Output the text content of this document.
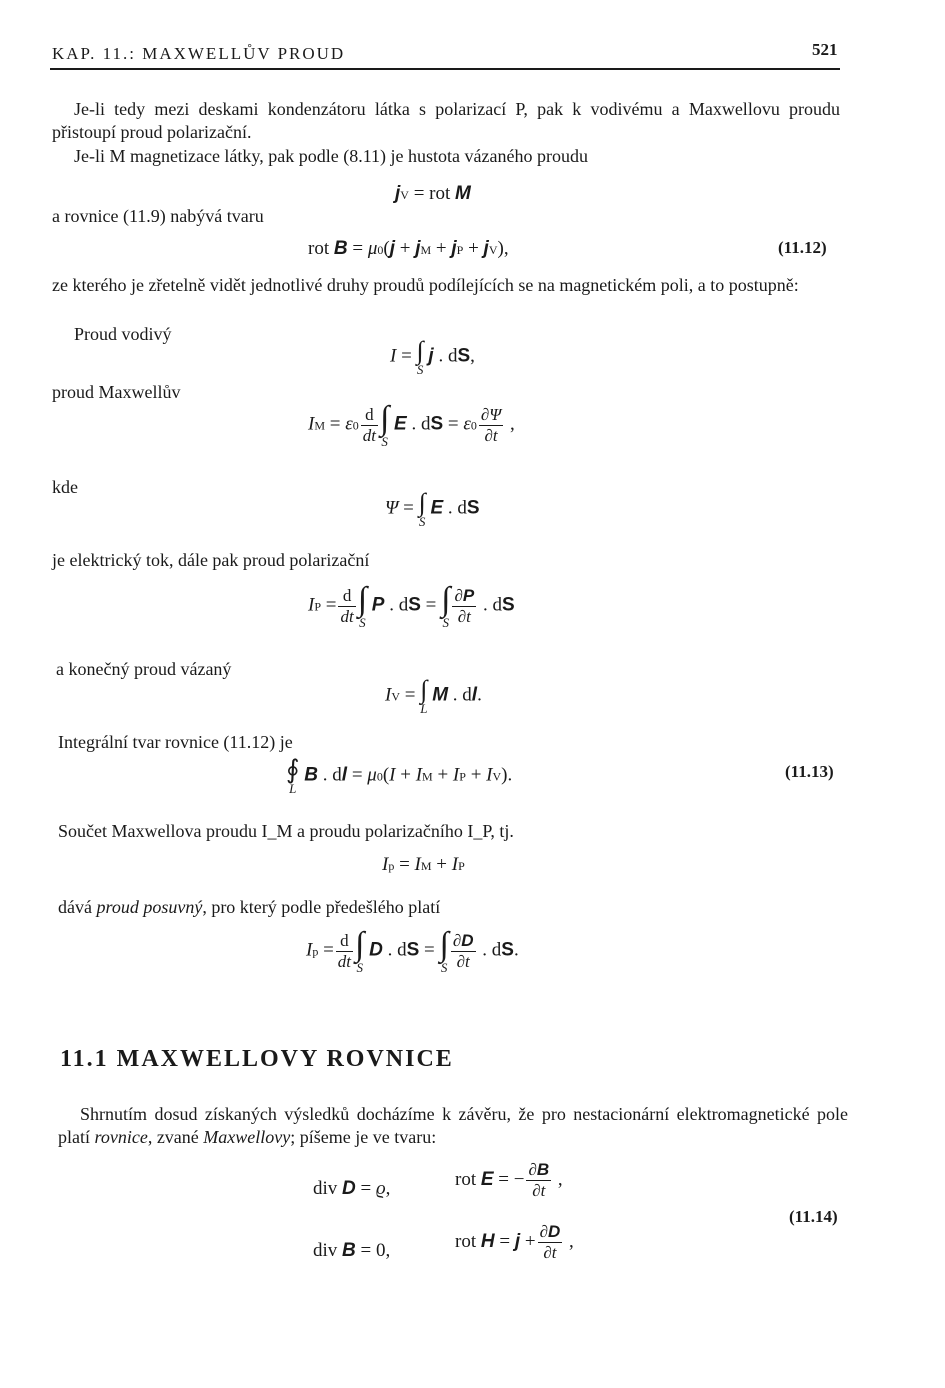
KAP. 11.: MAXWELLŮV PROUD	521
Je-li tedy mezi deskami kondenzátoru látka s polarizací P, pak k vodivému a Maxwellovu proudu přistoupí proud polarizační.
Je-li M magnetizace látky, pak podle (8.11) je hustota vázaného proudu
jV = rot M
a rovnice (11.9) nabývá tvaru
rot B = μ0(j + jM + jP + jV),	(11.12)
ze kterého je zřetelně vidět jednotlivé druhy proudů podílejících se na magnetickém poli, a to postupně:
Proud vodivý
I = ∫
S
j . dS,
proud Maxwellův
IM = $\varepsilon 0 \frac{d}{dt}$ ∫
S
E . dS = $\varepsilon 0 \frac{\partial\Psi}{\partial t}$ ,
kde
Ψ = ∫
S
E . dS
je elektrický tok, dále pak proud polarizační
IP = $\frac{d}{dt}$ ∫
S
P . dS = ∫
S $\frac{\partial P}{\partial t}$ . dS
a konečný proud vázaný
IV = ∫
L
M . dl.
Integrální tvar rovnice (11.12) je
∮
L
B . dl = μ0(I + IM + IP + IV).	(11.13)
Součet Maxwellova proudu I_M a proudu polarizačního I_P, tj.
Ip = IM + IP
dává proud posuvný, pro který podle předešlého platí
$Ip = \frac{d}{dt}$ ∫
S
D . dS = ∫
S $\frac{\partial D}{\partial t}$ . dS.
11.1 MAXWELLOVY ROVNICE
Shrnutím dosud získaných výsledků docházíme k závěru, že pro nestacionární elektromagnetické pole platí rovnice, zvané Maxwellovy; píšeme je ve tvaru:
div D = ϱ,	rot E = − $\frac{\partial B}{\partial t}$ ,
div B = 0,	rot $H = j + \frac{\partial D}{\partial t}$ ,
(11.14)
